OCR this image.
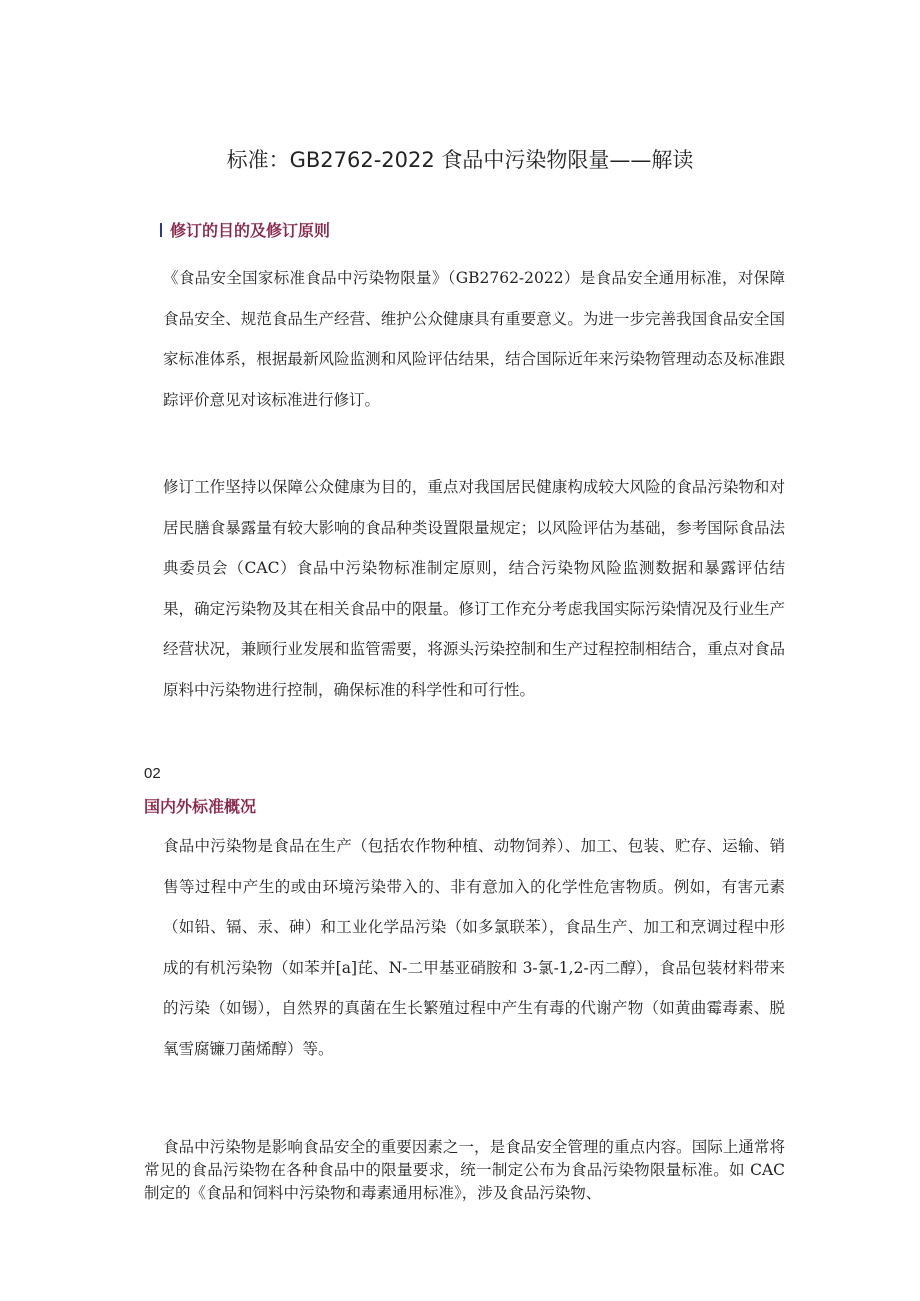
标准：GB2762-2022 食品中污染物限量——解读
修订的目的及修订原则

《食品安全国家标准食品中污染物限量》（GB2762-2022）是食品安全通用标准，对保障食品安全、规范食品生产经营、维护公众健康具有重要意义。为进一步完善我国食品安全国家标准体系，根据最新风险监测和风险评估结果，结合国际近年来污染物管理动态及标准跟踪评价意见对该标准进行修订。

修订工作坚持以保障公众健康为目的，重点对我国居民健康构成较大风险的食品污染物和对居民膳食暴露量有较大影响的食品种类设置限量规定；以风险评估为基础，参考国际食品法典委员会（CAC）食品中污染物标准制定原则，结合污染物风险监测数据和暴露评估结果，确定污染物及其在相关食品中的限量。修订工作充分考虑我国实际污染情况及行业生产经营状况，兼顾行业发展和监管需要，将源头污染控制和生产过程控制相结合，重点对食品原料中污染物进行控制，确保标准的科学性和可行性。

02
国内外标准概况

食品中污染物是食品在生产（包括农作物种植、动物饲养）、加工、包装、贮存、运输、销售等过程中产生的或由环境污染带入的、非有意加入的化学性危害物质。例如，有害元素（如铅、镉、汞、砷）和工业化学品污染（如多氯联苯），食品生产、加工和烹调过程中形成的有机污染物（如苯并[a]芘、N-二甲基亚硝胺和 3-氯-1,2-丙二醇），食品包装材料带来的污染（如锡），自然界的真菌在生长繁殖过程中产生有毒的代谢产物（如黄曲霉毒素、脱氧雪腐镰刀菌烯醇）等。

食品中污染物是影响食品安全的重要因素之一，是食品安全管理的重点内容。国际上通常将常见的食品污染物在各种食品中的限量要求，统一制定公布为食品污染物限量标准。如 CAC 制定的《食品和饲料中污染物和毒素通用标准》，涉及食品污染物、
